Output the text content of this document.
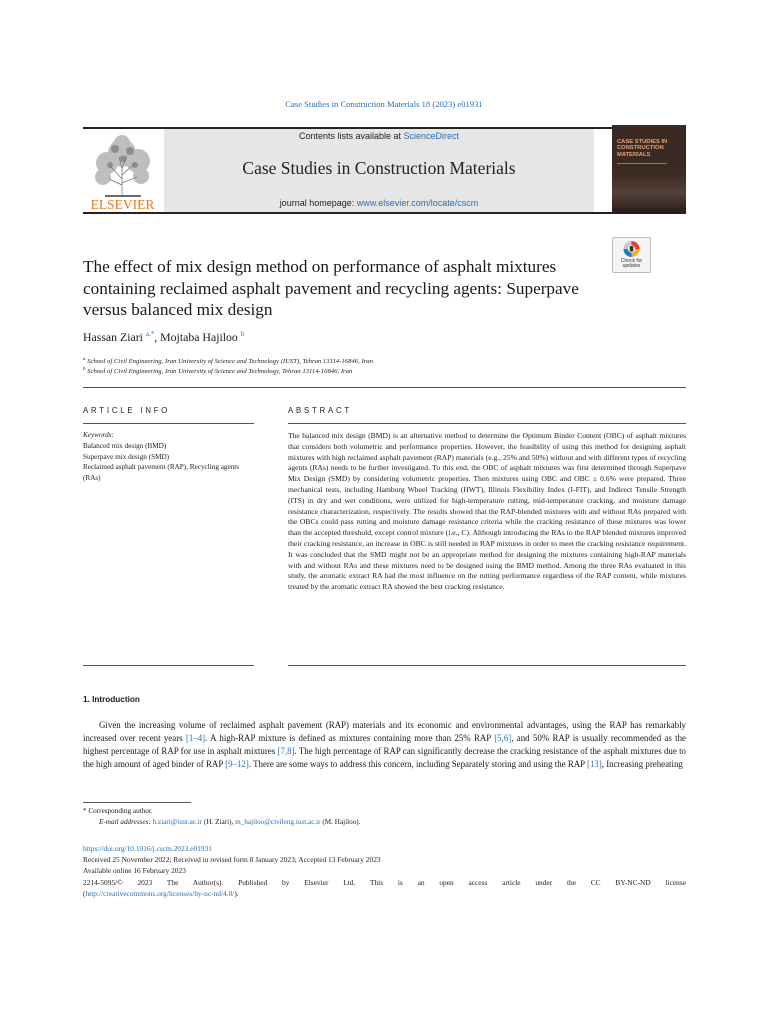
Case Studies in Construction Materials 18 (2023) e01931
ELSEVIER
Contents lists available at ScienceDirect
Case Studies in Construction Materials
journal homepage: www.elsevier.com/locate/cscm
CASE STUDIES IN CONSTRUCTION MATERIALS
Check for updates
The effect of mix design method on performance of asphalt mixtures containing reclaimed asphalt pavement and recycling agents: Superpave versus balanced mix design
Hassan Ziari $^{a,*}$, Mojtaba Hajiloo $^b$
$^a$ School of Civil Engineering, Iran University of Science and Technology (IUST), Tehran 13114-16846, Iran
$^b$ School of Civil Engineering, Iran University of Science and Technology, Tehran 13114-16846, Iran
ARTICLE INFO	ABSTRACT
Keywords:
Balanced mix design (BMD)
Superpave mix design (SMD)
Reclaimed asphalt pavement (RAP), Recycling agents (RAs)
The balanced mix design (BMD) is an alternative method to determine the Optimum Binder Content (OBC) of asphalt mixtures that considers both volumetric and performance properties. However, the feasibility of using this method for designing asphalt mixtures with high reclaimed asphalt pavement (RAP) materials (e.g., 25% and 50%) without and with different types of recycling agents (RAs) needs to be further investigated. To this end, the OBC of asphalt mixtures was first determined through Superpave Mix Design (SMD) by considering volumetric properties. Then mixtures using OBC and OBC ± 0.6% were prepared. Three mechanical tests, including Hamburg Wheel Tracking (HWT), Illinois Flexibility Index (I-FIT), and Indirect Tensile Strength (ITS) in dry and wet conditions, were utilized for high-temperature rutting, mid-temperature cracking, and moisture damage resistance characterization, respectively. The results showed that the RAP-blended mixtures with and without RAs prepared with the OBCs could pass rutting and moisture damage resistance criteria while the cracking resistance of these mixtures was lower than the accepted threshold, except control mixture (i.e., C). Although introducing the RAs to the RAP blended mixtures improved their cracking resistance, an increase in OBC is still needed in RAP mixtures in order to meet the cracking resistance requirement. It was concluded that the SMD might not be an appropriate method for designing the mixtures containing high-RAP materials with and without RAs and these mixtures need to be designed using the BMD method. Among the three RAs evaluated in this study, the aromatic extract RA had the most influence on the rutting performance regardless of the RAP content, while mixtures treated by the aromatic extract RA showed the best cracking resistance.
1. Introduction
Given the increasing volume of reclaimed asphalt pavement (RAP) materials and its economic and environmental advantages, using the RAP has remarkably increased over recent years [1–4]. A high-RAP mixture is defined as mixtures containing more than 25% RAP [5,6], and 50% RAP is usually recommended as the highest percentage of RAP for use in asphalt mixtures [7,8]. The high percentage of RAP can significantly decrease the cracking resistance of the asphalt mixtures due to the high amount of aged binder of RAP [9–12]. There are some ways to address this concern, including Separately storing and using the RAP [13], Increasing preheating
* Corresponding author.
E-mail addresses: h.ziari@iust.ac.ir (H. Ziari), m_hajiloo@civileng.iust.ac.ir (M. Hajiloo).
https://doi.org/10.1016/j.cscm.2023.e01931
Received 25 November 2022; Received in revised form 8 January 2023; Accepted 13 February 2023
Available online 16 February 2023
2214-5095/© 2023 The Author(s). Published by Elsevier Ltd. This is an open access article under the CC BY-NC-ND license
(http://creativecommons.org/licenses/by-nc-nd/4.0/).
